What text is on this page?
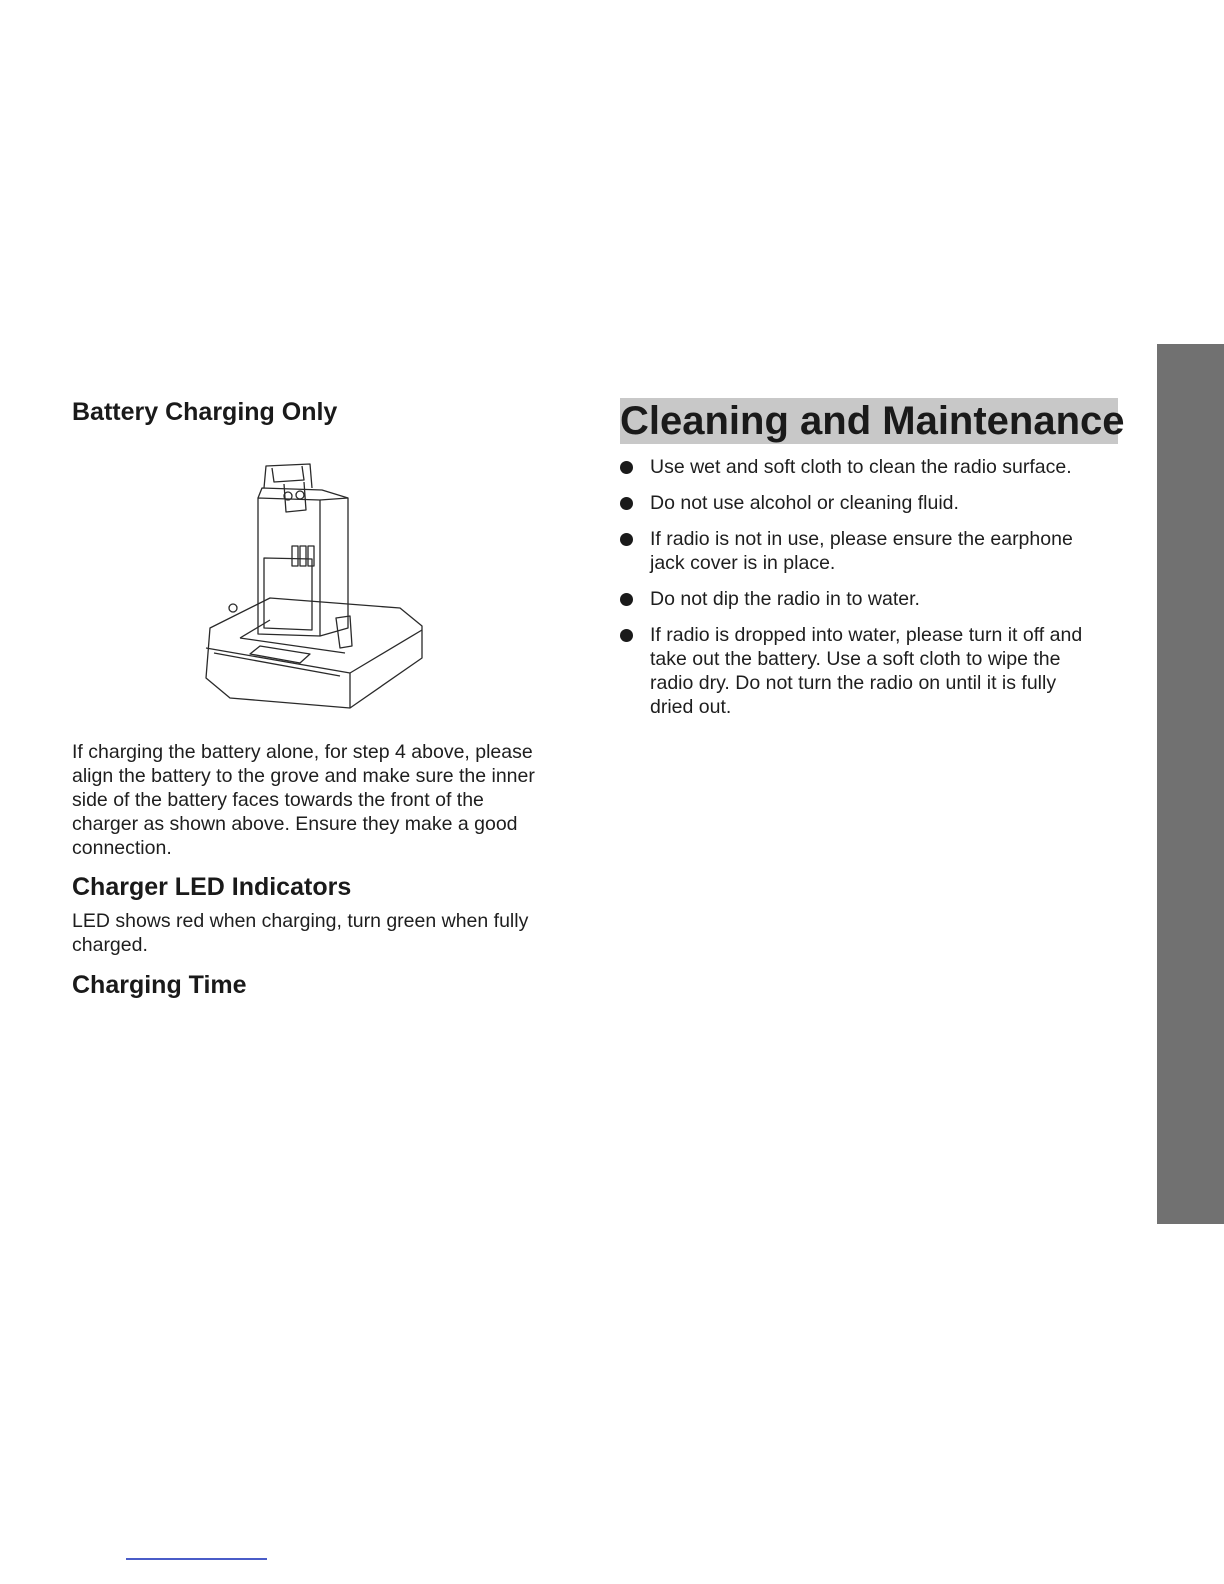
Battery Charging Only

If charging the battery alone, for step 4 above, please
align the battery to the grove and make sure the inner
side of the battery faces towards the front of the
charger as shown above. Ensure they make a good
connection.

Charger LED Indicators

LED shows red when charging, turn green when fully
charged.

Charging Time
Cleaning and Maintenance
Use wet and soft cloth to clean the radio surface.
Do not use alcohol or cleaning fluid.
If radio is not in use, please ensure the earphone
jack cover is in place.
Do not dip the radio in to water.
If radio is dropped into water, please turn it off and
take out the battery. Use a soft cloth to wipe the
radio dry. Do not turn the radio on until it is fully
dried out.
